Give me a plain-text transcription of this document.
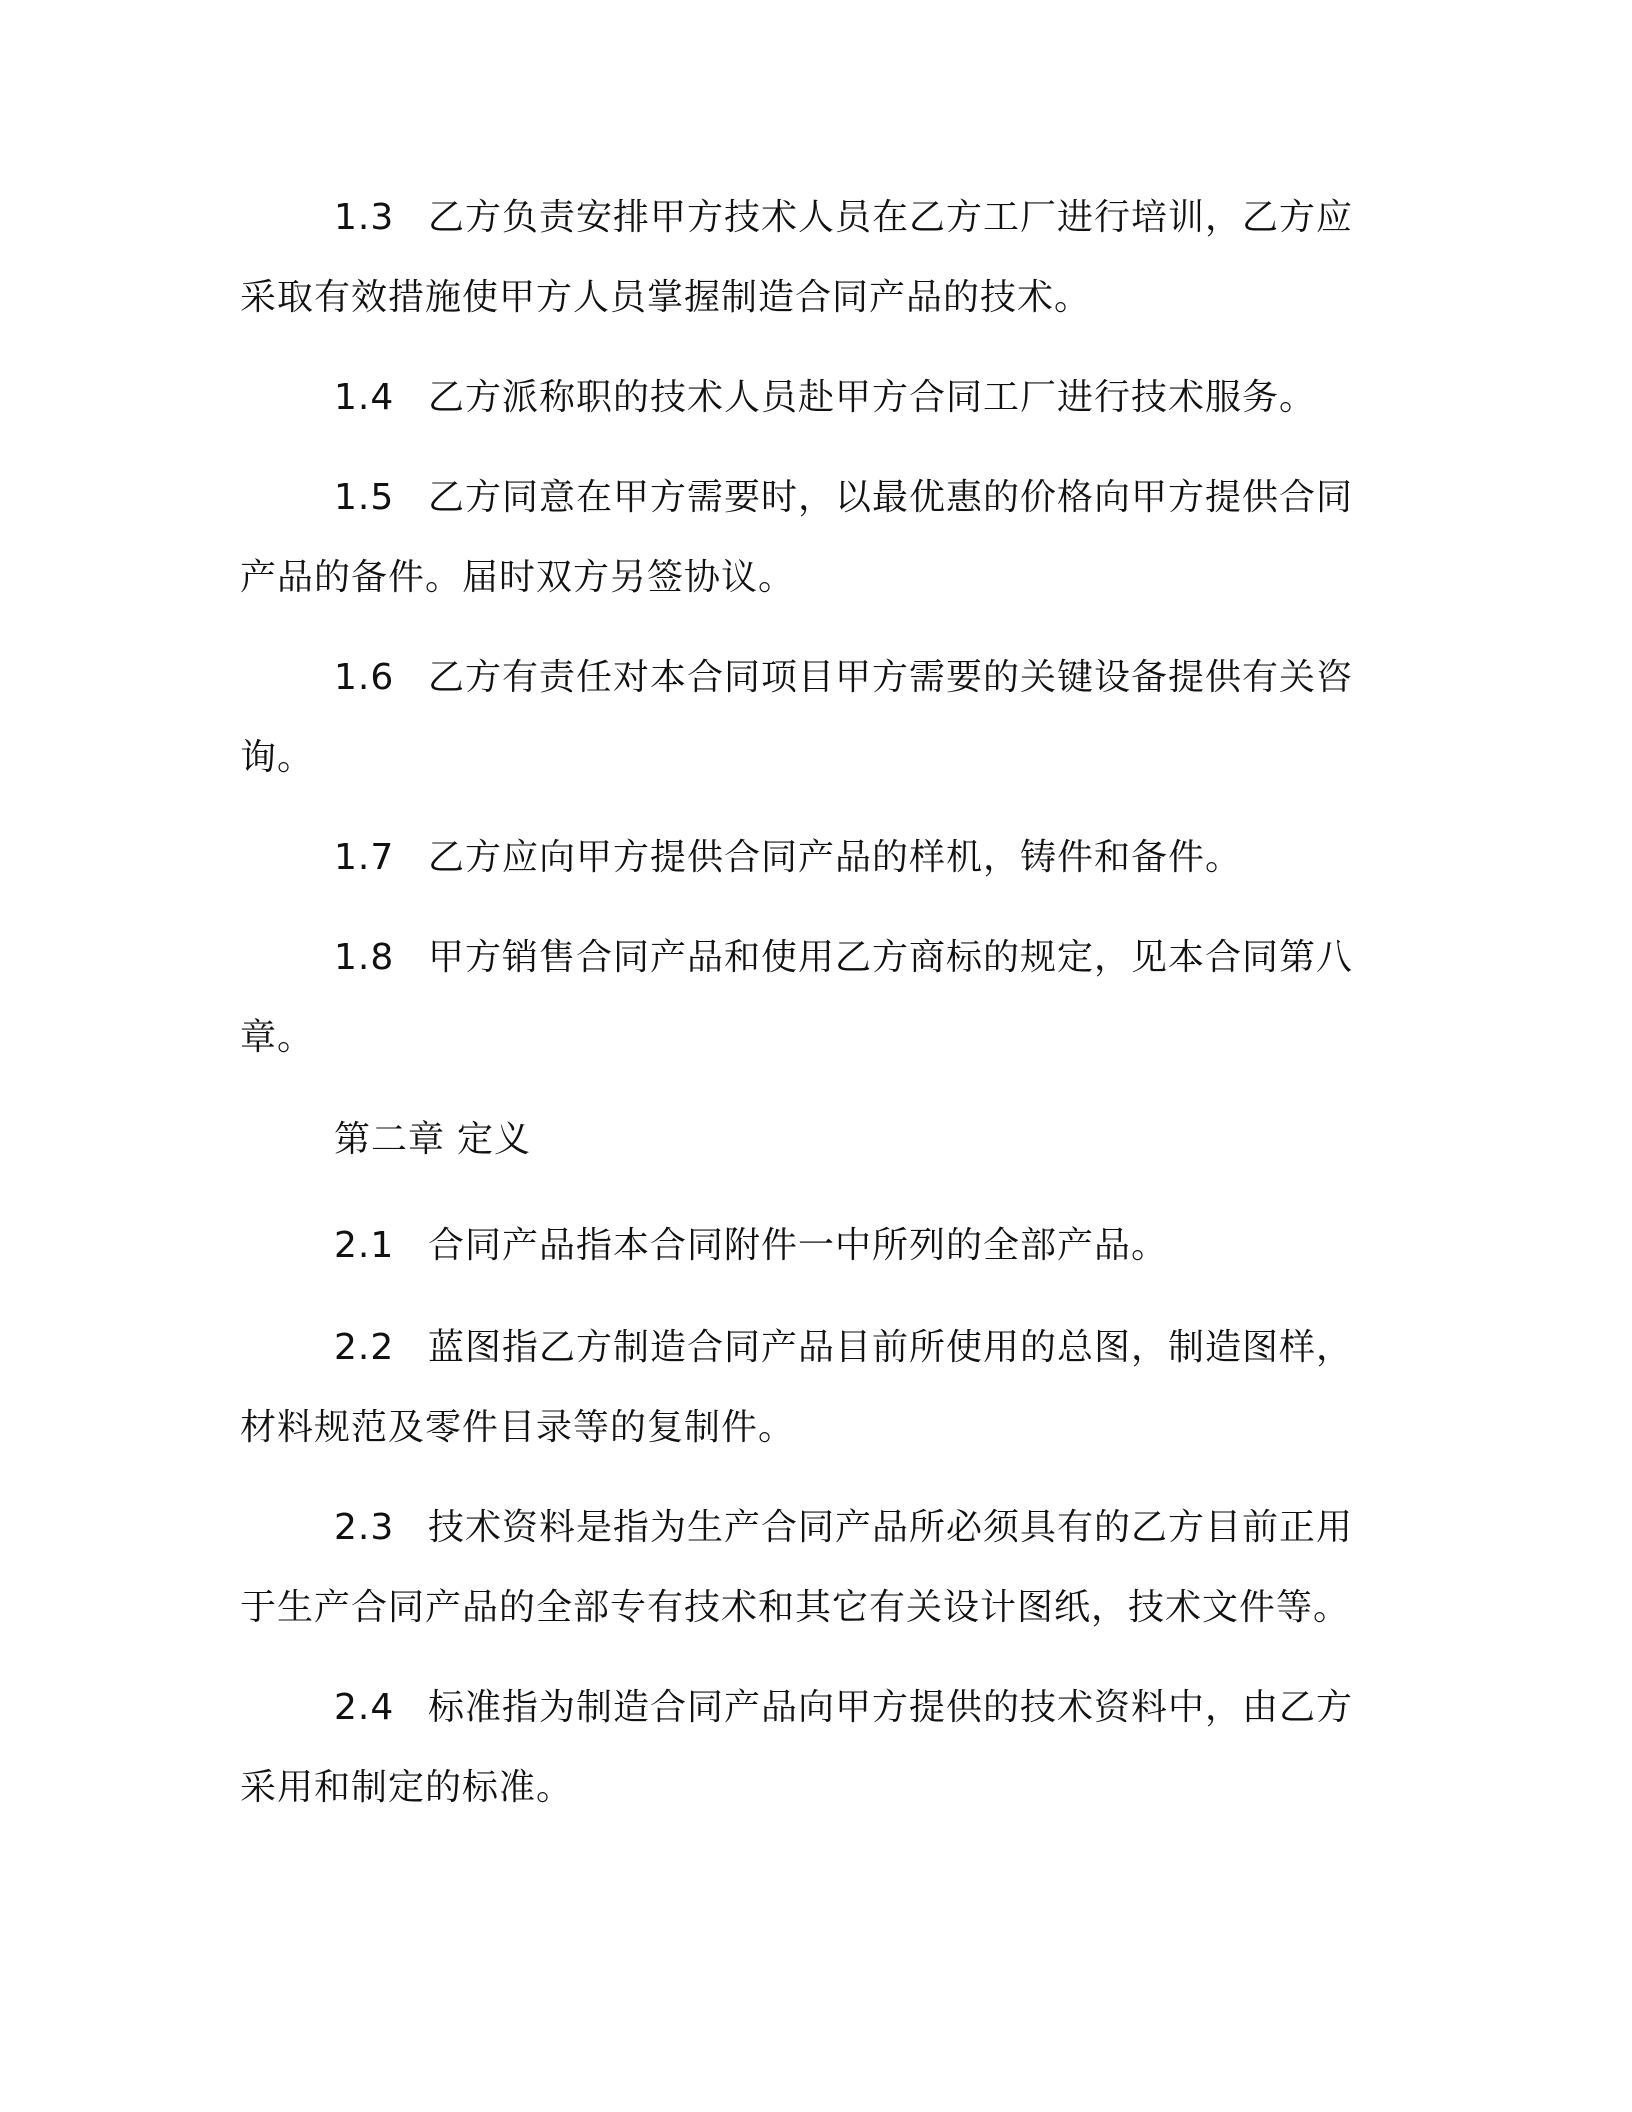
1.3 乙方负责安排甲方技术人员在乙方工厂进行培训，乙方应采取有效措施使甲方人员掌握制造合同产品的技术。

1.4 乙方派称职的技术人员赴甲方合同工厂进行技术服务。

1.5 乙方同意在甲方需要时，以最优惠的价格向甲方提供合同产品的备件。届时双方另签协议。

1.6 乙方有责任对本合同项目甲方需要的关键设备提供有关咨询。

1.7 乙方应向甲方提供合同产品的样机，铸件和备件。

1.8 甲方销售合同产品和使用乙方商标的规定，见本合同第八章。

第二章 定义

2.1 合同产品指本合同附件一中所列的全部产品。

2.2 蓝图指乙方制造合同产品目前所使用的总图，制造图样，材料规范及零件目录等的复制件。

2.3 技术资料是指为生产合同产品所必须具有的乙方目前正用于生产合同产品的全部专有技术和其它有关设计图纸，技术文件等。

2.4 标准指为制造合同产品向甲方提供的技术资料中，由乙方采用和制定的标准。
